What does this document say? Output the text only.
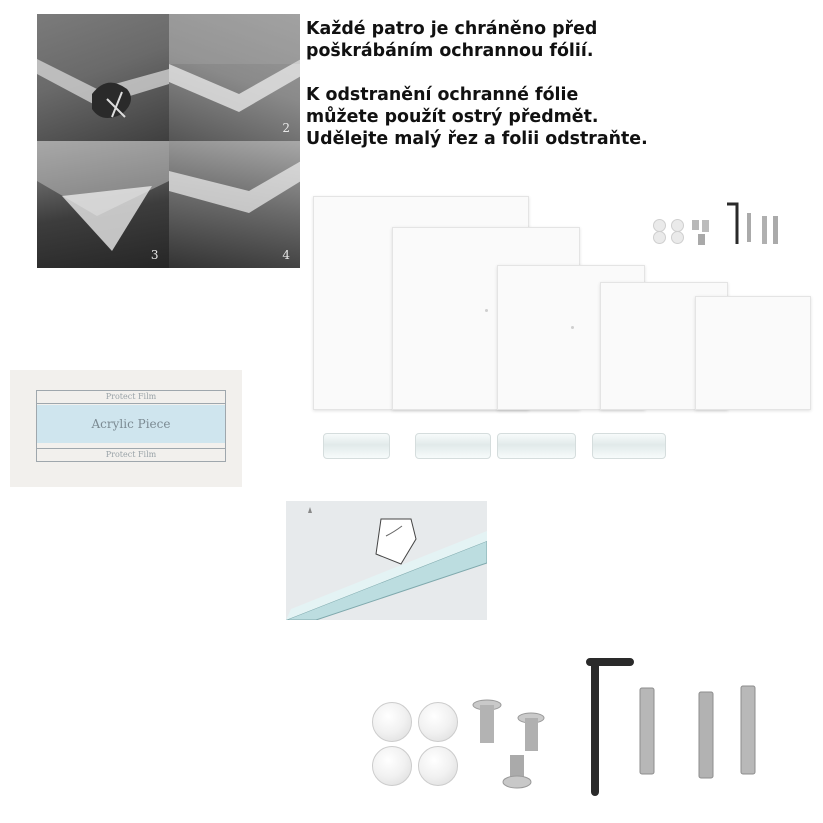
2
3	4

Každé patro je chráněno před
poškrábáním ochrannou fólií.

K odstranění ochranné fólie
můžete použít ostrý předmět.
Udělejte malý řez a folii odstraňte.

Protect Film
Acrylic Piece
Protect Film
